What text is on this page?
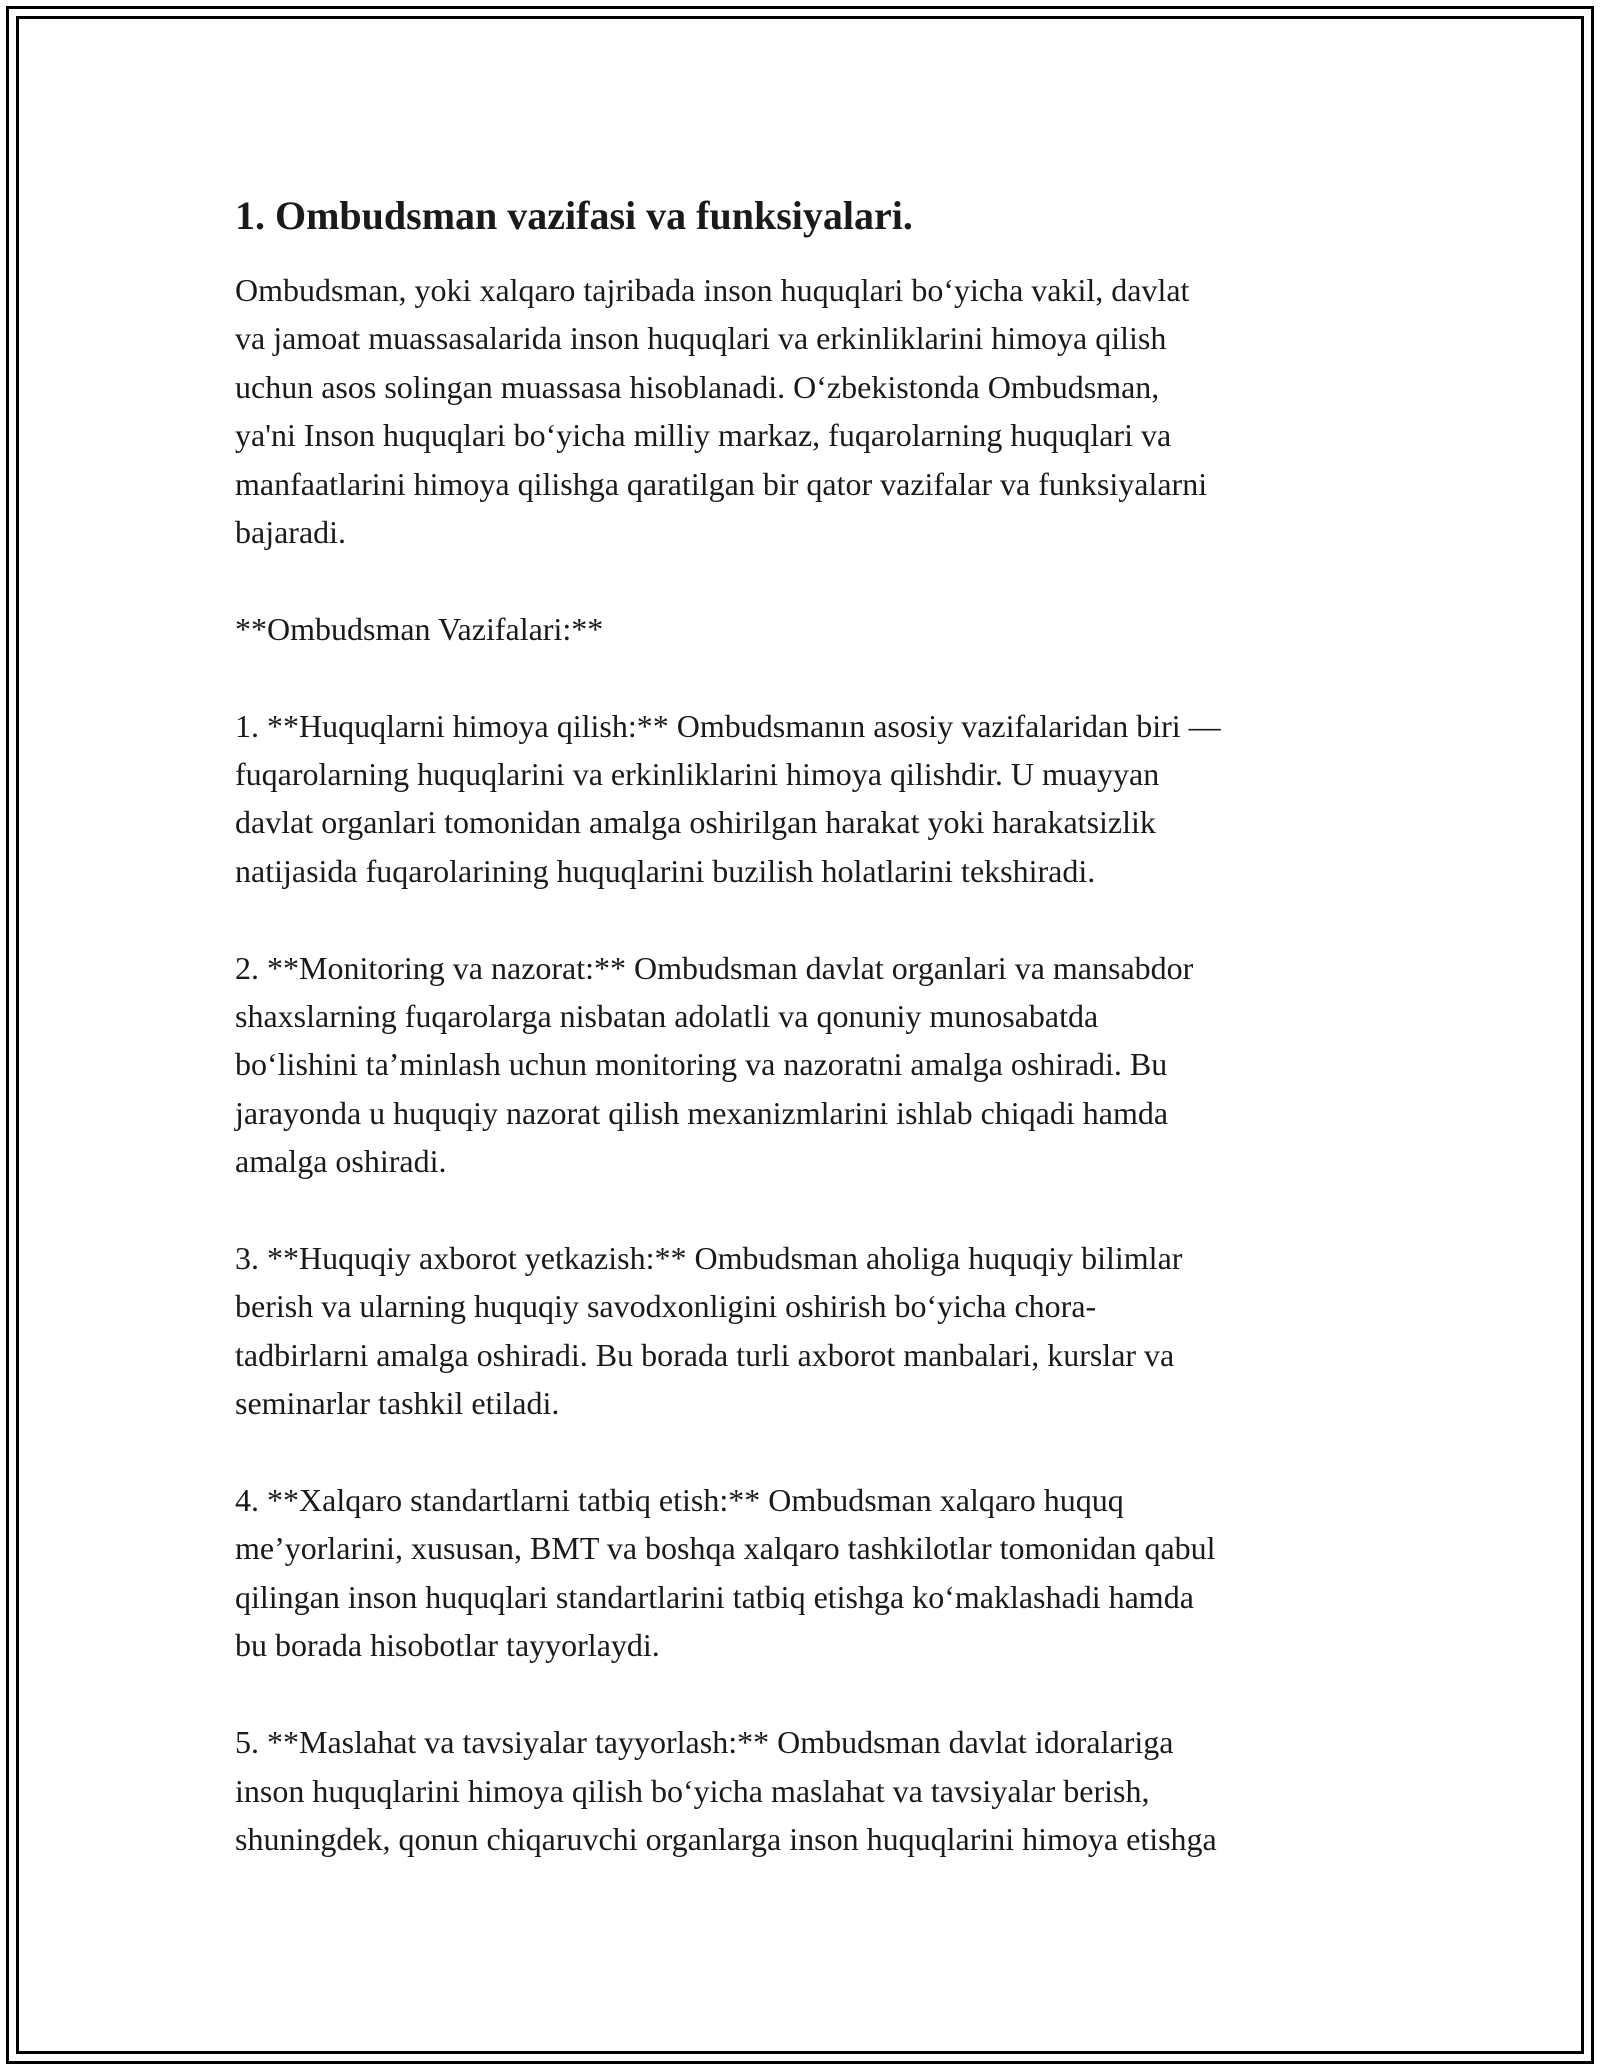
1. Ombudsman vazifasi va funksiyalari.

Ombudsman, yoki xalqaro tajribada inson huquqlari bo‘yicha vakil, davlat
va jamoat muassasalarida inson huquqlari va erkinliklarini himoya qilish
uchun asos solingan muassasa hisoblanadi. O‘zbekistonda Ombudsman,
ya'ni Inson huquqlari bo‘yicha milliy markaz, fuqarolarning huquqlari va
manfaatlarini himoya qilishga qaratilgan bir qator vazifalar va funksiyalarni
bajaradi.

**Ombudsman Vazifalari:**

1. **Huquqlarni himoya qilish:** Ombudsmanın asosiy vazifalaridan biri —
fuqarolarning huquqlarini va erkinliklarini himoya qilishdir. U muayyan
davlat organlari tomonidan amalga oshirilgan harakat yoki harakatsizlik
natijasida fuqarolarining huquqlarini buzilish holatlarini tekshiradi.

2. **Monitoring va nazorat:** Ombudsman davlat organlari va mansabdor
shaxslarning fuqarolarga nisbatan adolatli va qonuniy munosabatda
bo‘lishini ta’minlash uchun monitoring va nazoratni amalga oshiradi. Bu
jarayonda u huquqiy nazorat qilish mexanizmlarini ishlab chiqadi hamda
amalga oshiradi.

3. **Huquqiy axborot yetkazish:** Ombudsman aholiga huquqiy bilimlar
berish va ularning huquqiy savodxonligini oshirish bo‘yicha chora-
tadbirlarni amalga oshiradi. Bu borada turli axborot manbalari, kurslar va
seminarlar tashkil etiladi.

4. **Xalqaro standartlarni tatbiq etish:** Ombudsman xalqaro huquq
me’yorlarini, xususan, BMT va boshqa xalqaro tashkilotlar tomonidan qabul
qilingan inson huquqlari standartlarini tatbiq etishga ko‘maklashadi hamda
bu borada hisobotlar tayyorlaydi.

5. **Maslahat va tavsiyalar tayyorlash:** Ombudsman davlat idoralariga
inson huquqlarini himoya qilish bo‘yicha maslahat va tavsiyalar berish,
shuningdek, qonun chiqaruvchi organlarga inson huquqlarini himoya etishga
